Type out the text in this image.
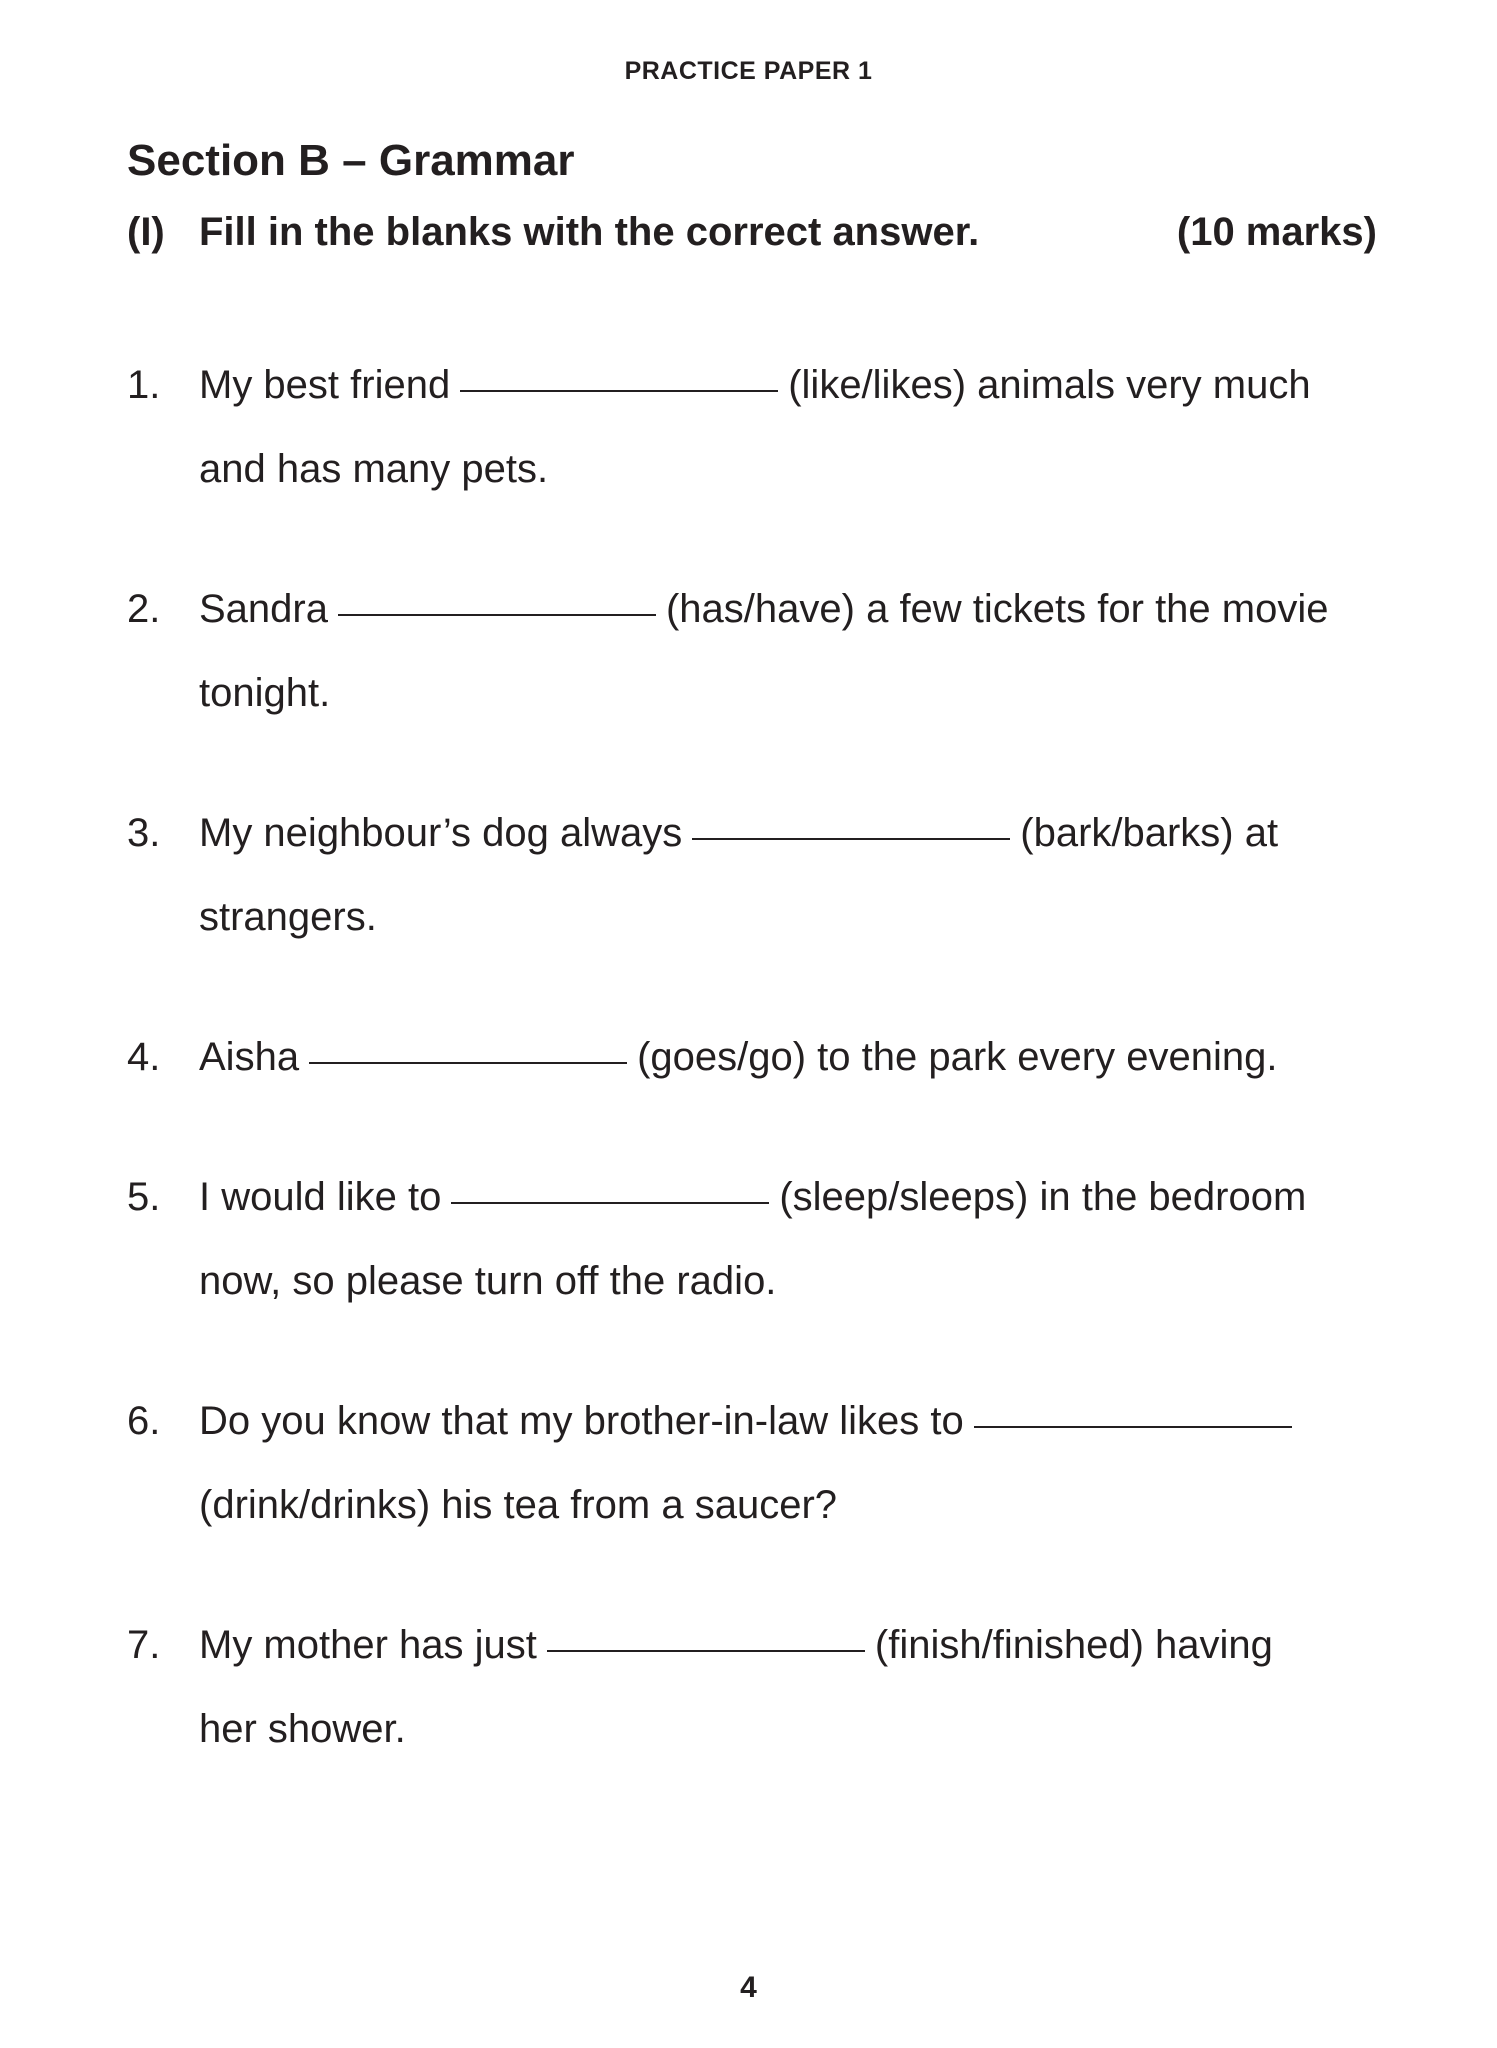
PRACTICE PAPER 1
Section B – Grammar
(I) Fill in the blanks with the correct answer.	(10 marks)
1. My best friend	(like/likes) animals very much
and has many pets.
2. Sandra	(has/have) a few tickets for the movie
tonight.
3. My neighbour’s dog always	(bark/barks) at
strangers.
4. Aisha	(goes/go) to the park every evening.
5. I would like to	(sleep/sleeps) in the bedroom
now, so please turn off the radio.
6. Do you know that my brother-in-law likes to
(drink/drinks) his tea from a saucer?
7. My mother has just	(finish/finished) having
her shower.
4
